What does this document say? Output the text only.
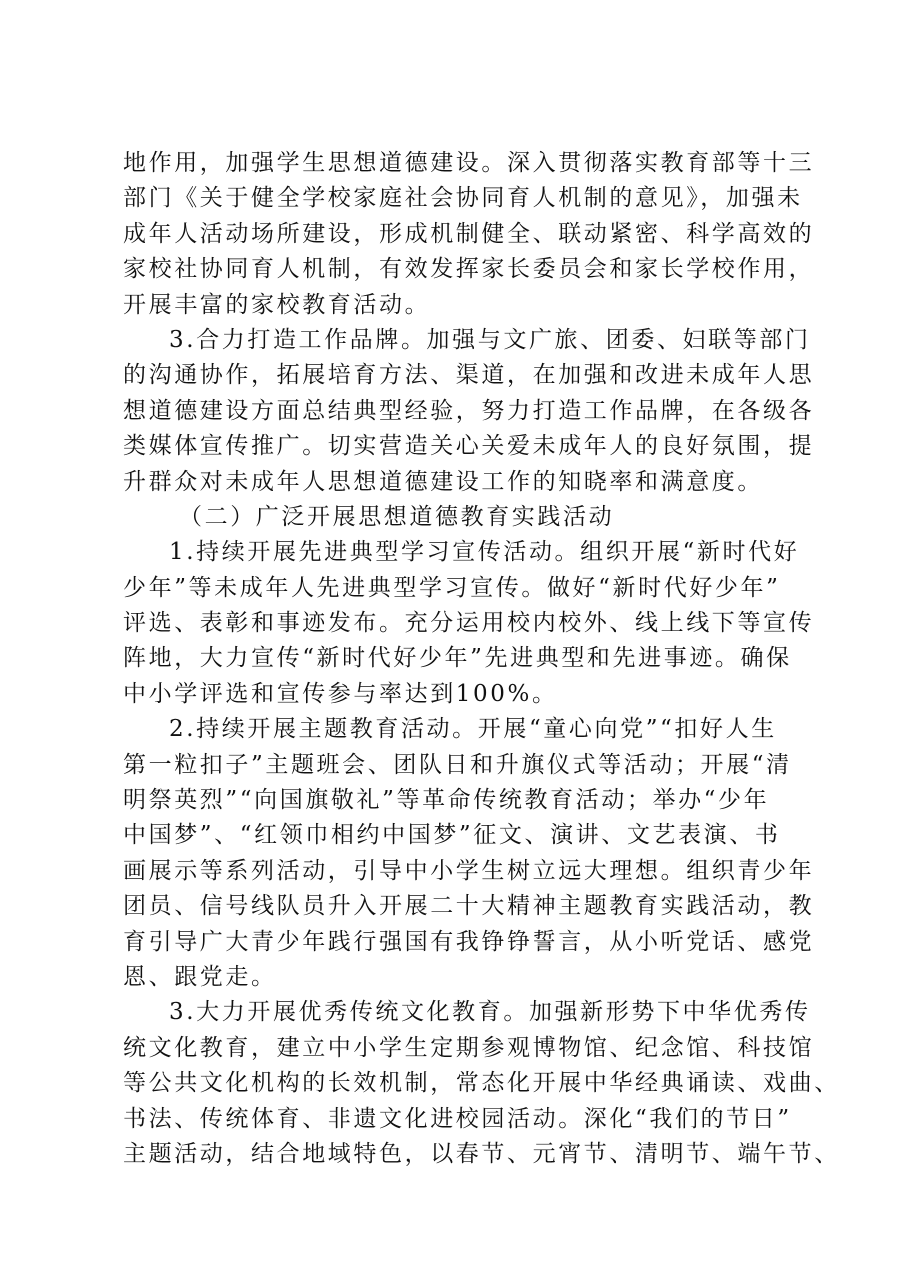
地作用，加强学生思想道德建设。深入贯彻落实教育部等十三
部门《关于健全学校家庭社会协同育人机制的意见》，加强未
成年人活动场所建设，形成机制健全、联动紧密、科学高效的
家校社协同育人机制，有效发挥家长委员会和家长学校作用，
开展丰富的家校教育活动。
3.合力打造工作品牌。加强与文广旅、团委、妇联等部门
的沟通协作，拓展培育方法、渠道，在加强和改进未成年人思
想道德建设方面总结典型经验，努力打造工作品牌，在各级各
类媒体宣传推广。切实营造关心关爱未成年人的良好氛围，提
升群众对未成年人思想道德建设工作的知晓率和满意度。
（二）广泛开展思想道德教育实践活动
1.持续开展先进典型学习宣传活动。组织开展“新时代好
少年”等未成年人先进典型学习宣传。做好“新时代好少年”
评选、表彰和事迹发布。充分运用校内校外、线上线下等宣传
阵地，大力宣传“新时代好少年”先进典型和先进事迹。确保
中小学评选和宣传参与率达到100%。
2.持续开展主题教育活动。开展“童心向党”“扣好人生
第一粒扣子”主题班会、团队日和升旗仪式等活动；开展“清
明祭英烈”“向国旗敬礼”等革命传统教育活动；举办“少年
中国梦”、“红领巾相约中国梦”征文、演讲、文艺表演、书
画展示等系列活动，引导中小学生树立远大理想。组织青少年
团员、信号线队员升入开展二十大精神主题教育实践活动，教
育引导广大青少年践行强国有我铮铮誓言，从小听党话、感党
恩、跟党走。
3.大力开展优秀传统文化教育。加强新形势下中华优秀传
统文化教育，建立中小学生定期参观博物馆、纪念馆、科技馆
等公共文化机构的长效机制，常态化开展中华经典诵读、戏曲、
书法、传统体育、非遗文化进校园活动。深化“我们的节日”
主题活动，结合地域特色，以春节、元宵节、清明节、端午节、
